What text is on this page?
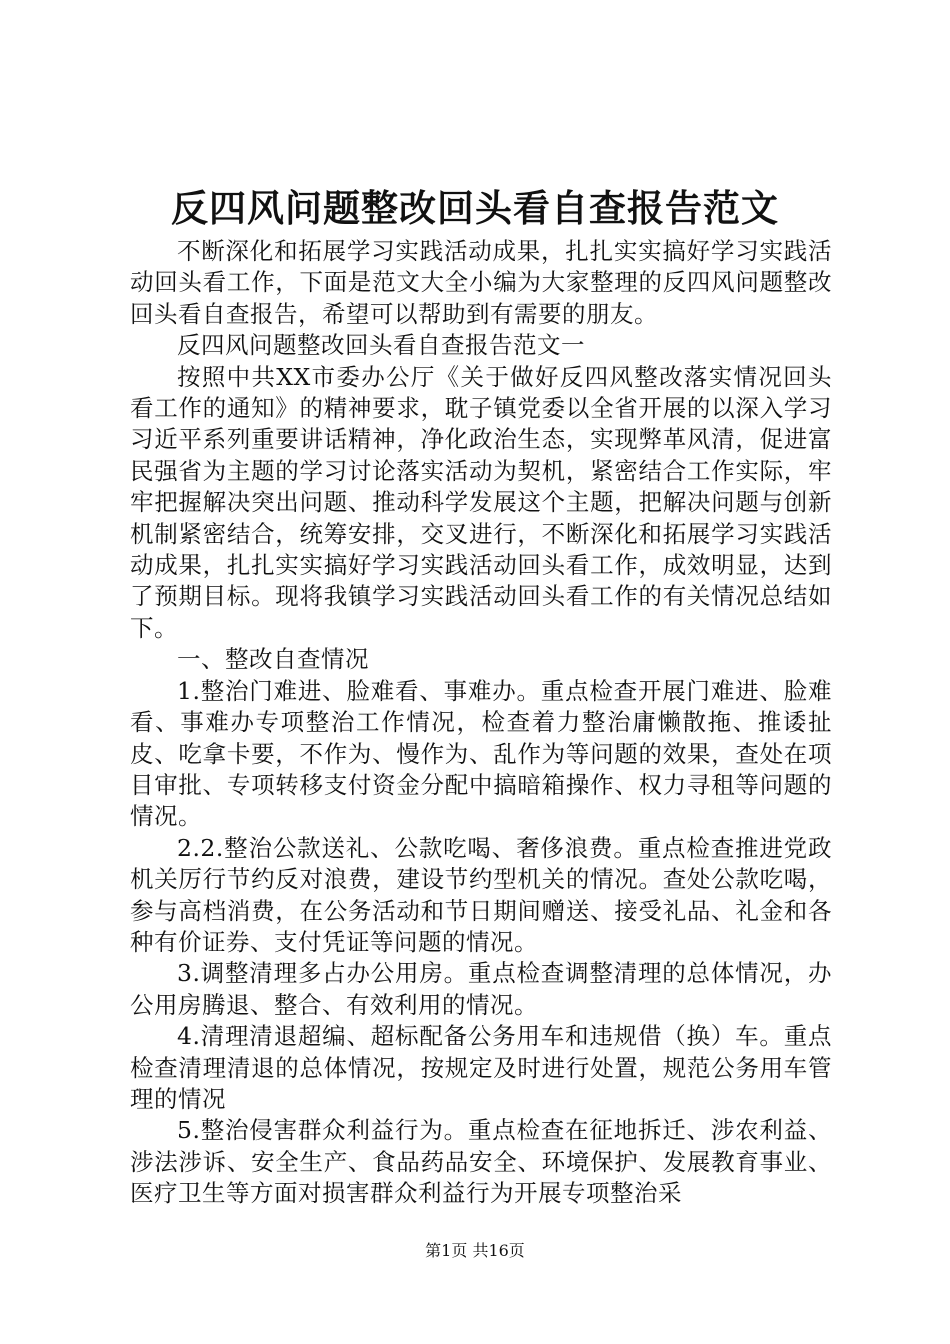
反四风问题整改回头看自查报告范文

不断深化和拓展学习实践活动成果，扎扎实实搞好学习实践活动回头看工作，下面是范文大全小编为大家整理的反四风问题整改回头看自查报告，希望可以帮助到有需要的朋友。

反四风问题整改回头看自查报告范文一

按照中共XX市委办公厅《关于做好反四风整改落实情况回头看工作的通知》的精神要求，耽子镇党委以全省开展的以深入学习习近平系列重要讲话精神，净化政治生态，实现弊革风清，促进富民强省为主题的学习讨论落实活动为契机，紧密结合工作实际，牢牢把握解决突出问题、推动科学发展这个主题，把解决问题与创新机制紧密结合，统筹安排，交叉进行，不断深化和拓展学习实践活动成果，扎扎实实搞好学习实践活动回头看工作，成效明显，达到了预期目标。现将我镇学习实践活动回头看工作的有关情况总结如下。

一、整改自查情况

1.整治门难进、脸难看、事难办。重点检查开展门难进、脸难看、事难办专项整治工作情况，检查着力整治庸懒散拖、推诿扯皮、吃拿卡要，不作为、慢作为、乱作为等问题的效果，查处在项目审批、专项转移支付资金分配中搞暗箱操作、权力寻租等问题的情况。

2.2.整治公款送礼、公款吃喝、奢侈浪费。重点检查推进党政机关厉行节约反对浪费，建设节约型机关的情况。查处公款吃喝，参与高档消费，在公务活动和节日期间赠送、接受礼品、礼金和各种有价证券、支付凭证等问题的情况。

3.调整清理多占办公用房。重点检查调整清理的总体情况，办公用房腾退、整合、有效利用的情况。

4.清理清退超编、超标配备公务用车和违规借（换）车。重点检查清理清退的总体情况，按规定及时进行处置，规范公务用车管理的情况

5.整治侵害群众利益行为。重点检查在征地拆迁、涉农利益、涉法涉诉、安全生产、食品药品安全、环境保护、发展教育事业、医疗卫生等方面对损害群众利益行为开展专项整治采

第1页 共16页
